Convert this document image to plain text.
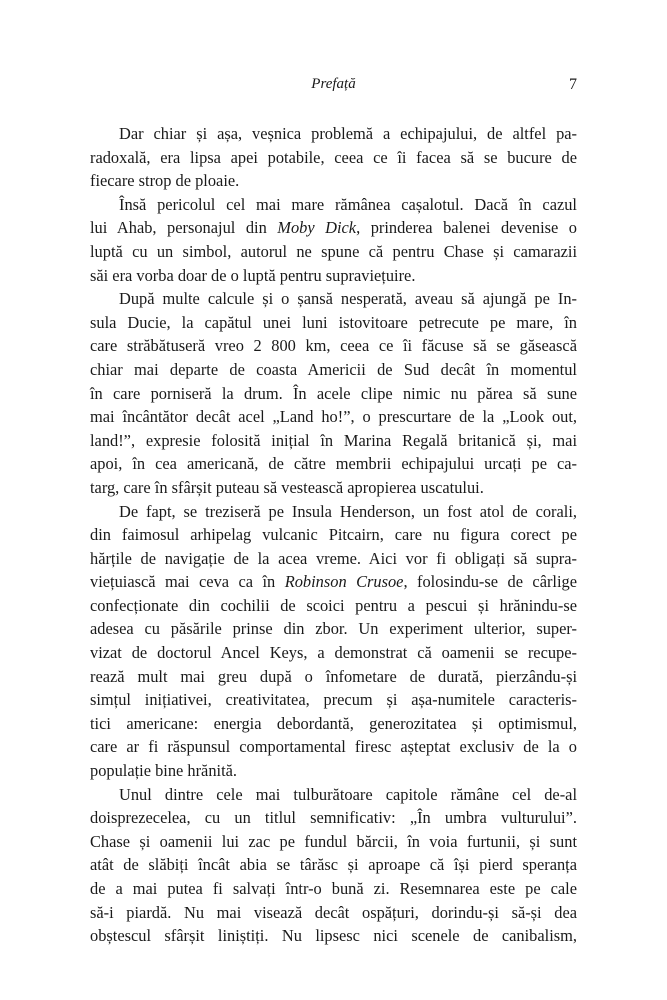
Prefață	7
Dar chiar și așa, veșnica problemă a echipajului, de altfel pa-
radoxală, era lipsa apei potabile, ceea ce îi facea să se bucure de
fiecare strop de ploaie.
Însă pericolul cel mai mare rămânea cașalotul. Dacă în cazul
lui Ahab, personajul din Moby Dick, prinderea balenei devenise o
luptă cu un simbol, autorul ne spune că pentru Chase și camarazii
săi era vorba doar de o luptă pentru supraviețuire.
După multe calcule și o șansă nesperată, aveau să ajungă pe In-
sula Ducie, la capătul unei luni istovitoare petrecute pe mare, în
care străbătuseră vreo 2 800 km, ceea ce îi făcuse să se găsească
chiar mai departe de coasta Americii de Sud decât în momentul
în care porniseră la drum. În acele clipe nimic nu părea să sune
mai încântător decât acel „Land ho!”, o prescurtare de la „Look out,
land!”, expresie folosită inițial în Marina Regală britanică și, mai
apoi, în cea americană, de către membrii echipajului urcați pe ca-
targ, care în sfârșit puteau să vestească apropierea uscatului.
De fapt, se treziseră pe Insula Henderson, un fost atol de corali,
din faimosul arhipelag vulcanic Pitcairn, care nu figura corect pe
hărțile de navigație de la acea vreme. Aici vor fi obligați să supra-
viețuiască mai ceva ca în Robinson Crusoe, folosindu-se de cârlige
confecționate din cochilii de scoici pentru a pescui și hrănindu-se
adesea cu păsările prinse din zbor. Un experiment ulterior, super-
vizat de doctorul Ancel Keys, a demonstrat că oamenii se recupe-
rează mult mai greu după o înfometare de durată, pierzându-și
simțul inițiativei, creativitatea, precum și așa-numitele caracteris-
tici americane: energia debordantă, generozitatea și optimismul,
care ar fi răspunsul comportamental firesc așteptat exclusiv de la o
populație bine hrănită.
Unul dintre cele mai tulburătoare capitole rămâne cel de-al
doisprezecelea, cu un titlul semnificativ: „În umbra vulturului”.
Chase și oamenii lui zac pe fundul bărcii, în voia furtunii, și sunt
atât de slăbiți încât abia se târăsc și aproape că își pierd speranța
de a mai putea fi salvați într-o bună zi. Resemnarea este pe cale
să-i piardă. Nu mai visează decât ospățuri, dorindu-și să-și dea
obștescul sfârșit liniștiți. Nu lipsesc nici scenele de canibalism,
